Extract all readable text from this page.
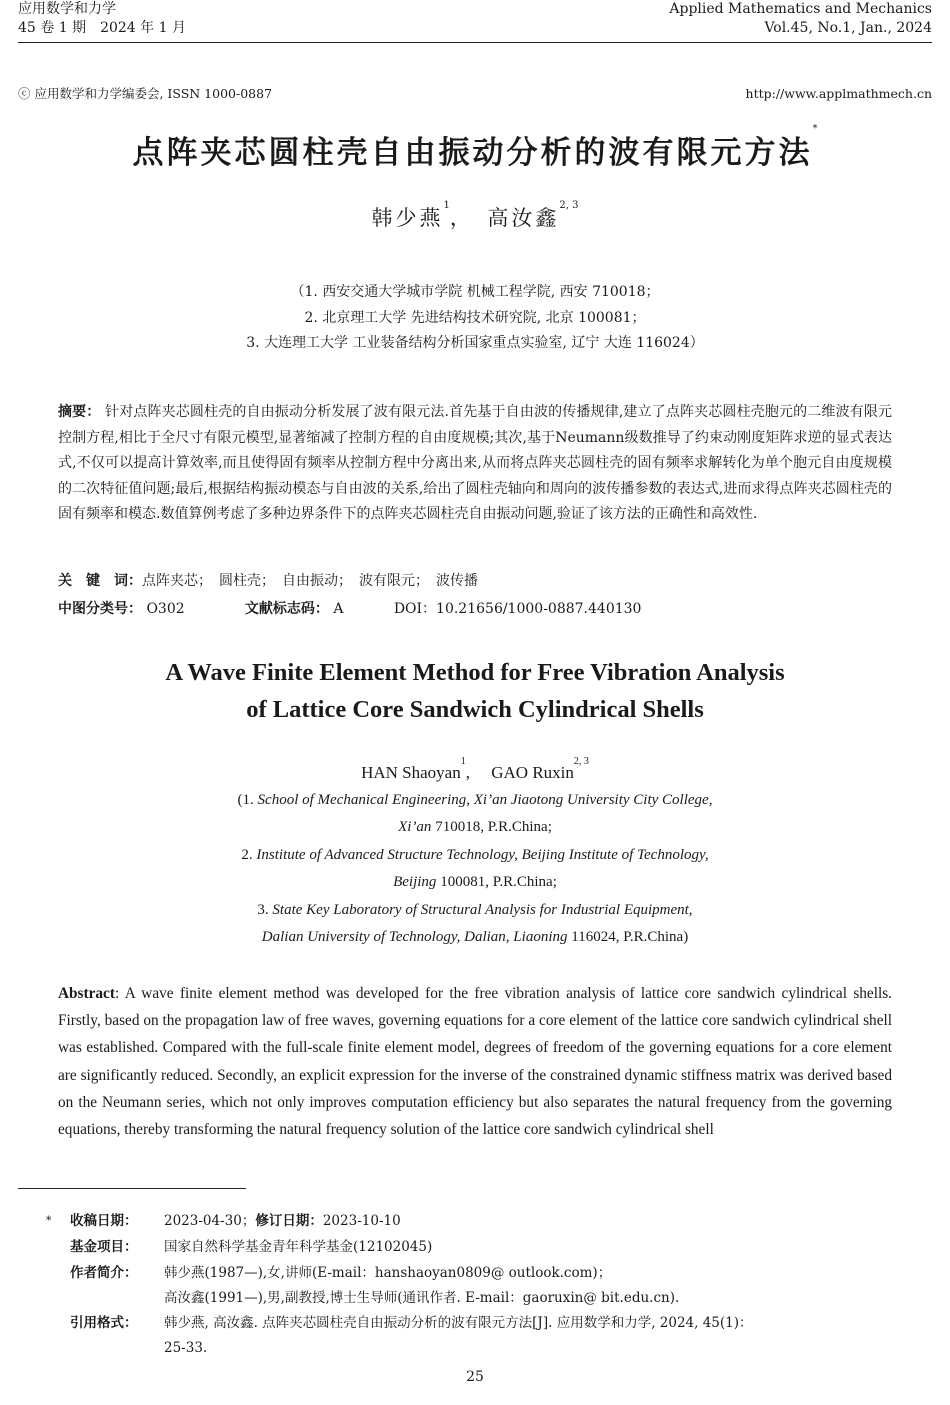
应用数学和力学
45 卷 1 期　2024 年 1 月
Applied Mathematics and Mechanics
Vol.45, No.1, Jan., 2024
ⓒ 应用数学和力学编委会, ISSN 1000-0887	http://www.applmathmech.cn
点阵夹芯圆柱壳自由振动分析的波有限元方法*
韩少燕$^1$，　高汝鑫$^{2, 3}$
（1. 西安交通大学城市学院 机械工程学院, 西安 710018；
2. 北京理工大学 先进结构技术研究院, 北京 100081；
3. 大连理工大学 工业装备结构分析国家重点实验室, 辽宁 大连 116024）
摘要： 针对点阵夹芯圆柱壳的自由振动分析发展了波有限元法.首先基于自由波的传播规律,建立了点阵夹芯圆柱壳胞元的二维波有限元控制方程,相比于全尺寸有限元模型,显著缩减了控制方程的自由度规模;其次,基于Neumann级数推导了约束动刚度矩阵求逆的显式表达式,不仅可以提高计算效率,而且使得固有频率从控制方程中分离出来,从而将点阵夹芯圆柱壳的固有频率求解转化为单个胞元自由度规模的二次特征值问题;最后,根据结构振动模态与自由波的关系,给出了圆柱壳轴向和周向的波传播参数的表达式,进而求得点阵夹芯圆柱壳的固有频率和模态.数值算例考虑了多种边界条件下的点阵夹芯圆柱壳自由振动问题,验证了该方法的正确性和高效性.
关　键　词：点阵夹芯；　圆柱壳；　自由振动；　波有限元；　波传播
中图分类号： O302	文献标志码： A	DOI：10.21656/1000-0887.440130
A Wave Finite Element Method for Free Vibration Analysis
of Lattice Core Sandwich Cylindrical Shells
HAN Shaoyan$^1$,　 GAO Ruxin$^{2, 3}$
(1. School of Mechanical Engineering, Xi’an Jiaotong University City College,
Xi’an 710018, P.R.China;
2. Institute of Advanced Structure Technology, Beijing Institute of Technology,
Beijing 100081, P.R.China;
3. State Key Laboratory of Structural Analysis for Industrial Equipment,
Dalian University of Technology, Dalian, Liaoning 116024, P.R.China)
Abstract: A wave finite element method was developed for the free vibration analysis of lattice core sandwich cylindrical shells. Firstly, based on the propagation law of free waves, governing equations for a core element of the lattice core sandwich cylindrical shell was established. Compared with the full-scale finite element model, degrees of freedom of the governing equations for a core element are significantly reduced. Secondly, an explicit expression for the inverse of the constrained dynamic stiffness matrix was derived based on the Neumann series, which not only improves computation efficiency but also separates the natural frequency from the governing equations, thereby transforming the natural frequency solution of the lattice core sandwich cylindrical shell
* 收稿日期： 2023-04-30；修订日期：2023-10-10
基金项目： 国家自然科学基金青年科学基金(12102045)
作者简介： 韩少燕(1987—),女,讲师(E-mail：hanshaoyan0809@ outlook.com)；
高汝鑫(1991—),男,副教授,博士生导师(通讯作者. E-mail：gaoruxin@ bit.edu.cn).
引用格式： 韩少燕, 高汝鑫. 点阵夹芯圆柱壳自由振动分析的波有限元方法[J]. 应用数学和力学, 2024, 45(1)：
25-33.
25
